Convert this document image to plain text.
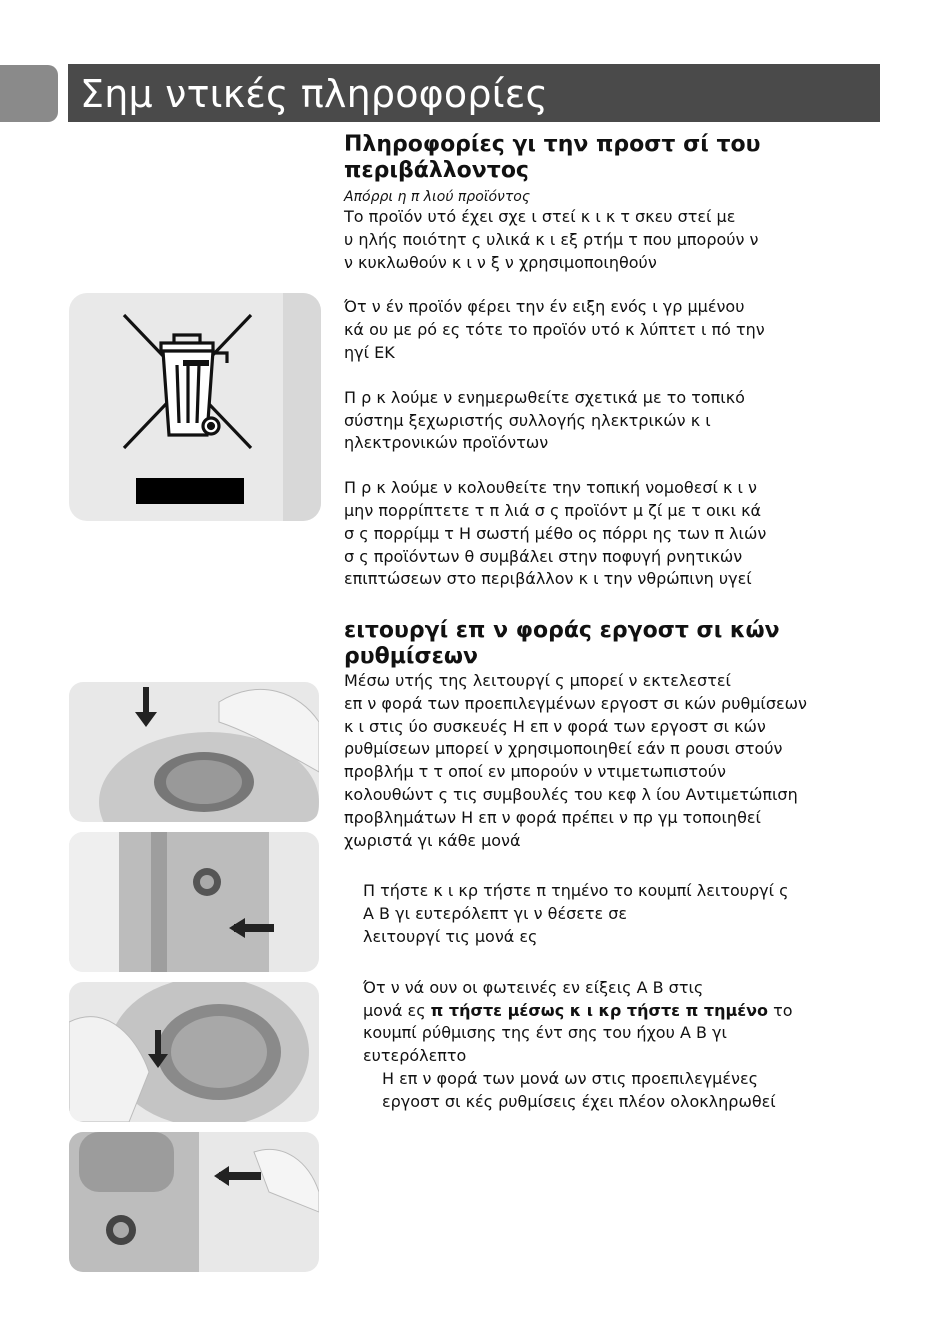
Σημ ντικές πληροφορίες
Πληροφορίες γι την προστ σί του
περιβάλλοντος

Απόρρι η π λιού προϊόντος

Το προϊόν υτό έχει σχε ι στεί κ ι κ τ σκευ στεί με
υ ηλής ποιότητ ς υλικά κ ι εξ ρτήμ τ που μπορούν ν
ν κυκλωθούν κ ι ν ξ ν χρησιμοποιηθούν

Ότ ν έν προϊόν φέρει την έν ειξη ενός ι γρ μμένου
κά ου με ρό ες τότε το προϊόν υτό κ λύπτετ ι πό την
ηγί ΕΚ

Π ρ κ λούμε ν ενημερωθείτε σχετικά με το τοπικό
σύστημ ξεχωριστής συλλογής ηλεκτρικών κ ι
ηλεκτρονικών προϊόντων

Π ρ κ λούμε ν κολουθείτε την τοπική νομοθεσί κ ι ν
μην πορρίπτετε τ π λιά σ ς προϊόντ μ ζί με τ οικι κά
σ ς πορρίμμ τ Η σωστή μέθο ος πόρρι ης των π λιών
σ ς προϊόντων θ συμβάλει στην ποφυγή ρνητικών
επιπτώσεων στο περιβάλλον κ ι την νθρώπινη υγεί

ειτουργί επ ν φοράς εργοστ σι κών
ρυθμίσεων

Μέσω υτής της λειτουργί ς μπορεί ν εκτελεστεί
επ ν φορά των προεπιλεγμένων εργοστ σι κών ρυθμίσεων
κ ι στις ύο συσκευές Η επ ν φορά των εργοστ σι κών
ρυθμίσεων μπορεί ν χρησιμοποιηθεί εάν π ρουσι στούν
προβλήμ τ τ οποί εν μπορούν ν ντιμετωπιστούν
κολουθώντ ς τις συμβουλές του κεφ λ ίου Αντιμετώπιση
προβλημάτων Η επ ν φορά πρέπει ν πρ γμ τοποιηθεί
χωριστά γι κάθε μονά

Π τήστε κ ι κρ τήστε π τημένο το κουμπί λειτουργί ς
Α Β γι ευτερόλεπτ γι ν θέσετε σε
λειτουργί τις μονά ες

Ότ ν νά ουν οι φωτεινές εν είξεις Α Β στις
μονά ες π τήστε μέσως κ ι κρ τήστε π τημένο το
κουμπί ρύθμισης της έντ σης του ήχου Α Β γι
ευτερόλεπτο

Η επ ν φορά των μονά ων στις προεπιλεγμένες
εργοστ σι κές ρυθμίσεις έχει πλέον ολοκληρωθεί
